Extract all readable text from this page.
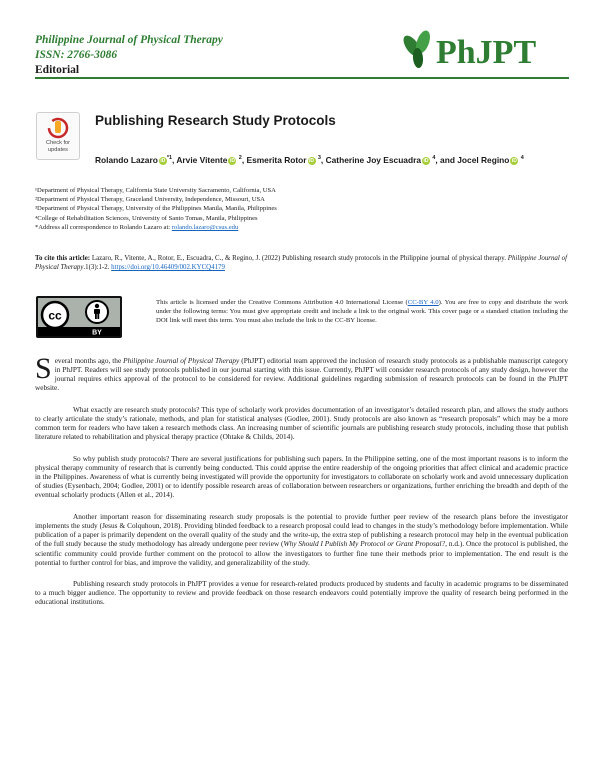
Philippine Journal of Physical Therapy
ISSN: 2766-3086
Editorial	PhJPT
Check for
updates
Publishing Research Study Protocols
Rolando Lazaro iD $^{*1}$, Arvie Vitente iD $^2$, Esmerita Rotor iD $^3$, Catherine Joy Escuadra iD $^4$, and Jocel Regino iD $^4$
¹Department of Physical Therapy, California State University Sacramento, California, USA
²Department of Physical Therapy, Graceland University, Independence, Missouri, USA
³Department of Physical Therapy, University of the Philippines Manila, Manila, Philippines
⁴College of Rehabilitation Sciences, University of Santo Tomas, Manila, Philippines
*Address all correspondence to Rolando Lazaro at: rolando.lazaro@csus.edu
To cite this article: Lazaro, R., Vitente, A., Rotor, E., Escuadra, C., & Regino, J. (2022) Publishing research study protocols in the Philippine journal of physical therapy. Philippine Journal of Physical Therapy.1(3):1-2. https://doi.org/10.46409/002.KYCQ4179
cc
BY
This article is licensed under the Creative Commons Attribution 4.0 International License (CC-BY 4.0). You are free to copy and distribute the work under the following terms: You must give appropriate credit and include a link to the original work. This cover page or a standard citation including the DOI link will meet this term. You must also include the link to the CC-BY license.

Several months ago, the Philippine Journal of Physical Therapy (PhJPT) editorial team approved the inclusion of research study protocols as a publishable manuscript category in PhJPT. Readers will see study protocols published in our journal starting with this issue. Currently, PhJPT will consider research protocols of any study design, however the journal requires ethics approval of the protocol to be considered for review. Additional guidelines regarding submission of research protocols can be found in the PhJPT website.

What exactly are research study protocols? This type of scholarly work provides documentation of an investigator’s detailed research plan, and allows the study authors to clearly articulate the study’s rationale, methods, and plan for statistical analyses (Godlee, 2001). Study protocols are also known as “research proposals” which may be a more common term for readers who have taken a research methods class. An increasing number of scientific journals are publishing research study protocols, including those that publish literature related to rehabilitation and physical therapy practice (Ohtake & Childs, 2014).

So why publish study protocols? There are several justifications for publishing such papers. In the Philippine setting, one of the most important reasons is to inform the physical therapy community of research that is currently being conducted. This could apprise the entire readership of the ongoing priorities that affect clinical and academic practice in the Philippines. Awareness of what is currently being investigated will provide the opportunity for investigators to collaborate on scholarly work and avoid unnecessary duplication of studies (Eysenbach, 2004; Godlee, 2001) or to identify possible research areas of collaboration between researchers or organizations, further enriching the breadth and depth of the eventual scholarly products (Allen et al., 2014).

Another important reason for disseminating research study proposals is the potential to provide further peer review of the research plans before the investigator implements the study (Jesus & Colquhoun, 2018). Providing blinded feedback to a research proposal could lead to changes in the study’s methodology before implementation. While publication of a paper is primarily dependent on the overall quality of the study and the write-up, the extra step of publishing a research protocol may help in the eventual publication of the full study because the study methodology has already undergone peer review (Why Should I Publish My Protocol or Grant Proposal?, n.d.). Once the protocol is published, the scientific community could provide further comment on the protocol to allow the investigators to further fine tune their methods prior to implementation. The end result is the potential to further control for bias, and improve the validity, and generalizability of the study.

Publishing research study protocols in PhJPT provides a venue for research-related products produced by students and faculty in academic programs to be disseminated to a much bigger audience. The opportunity to review and provide feedback on those research endeavors could potentially improve the quality of research being performed in the educational institutions.
